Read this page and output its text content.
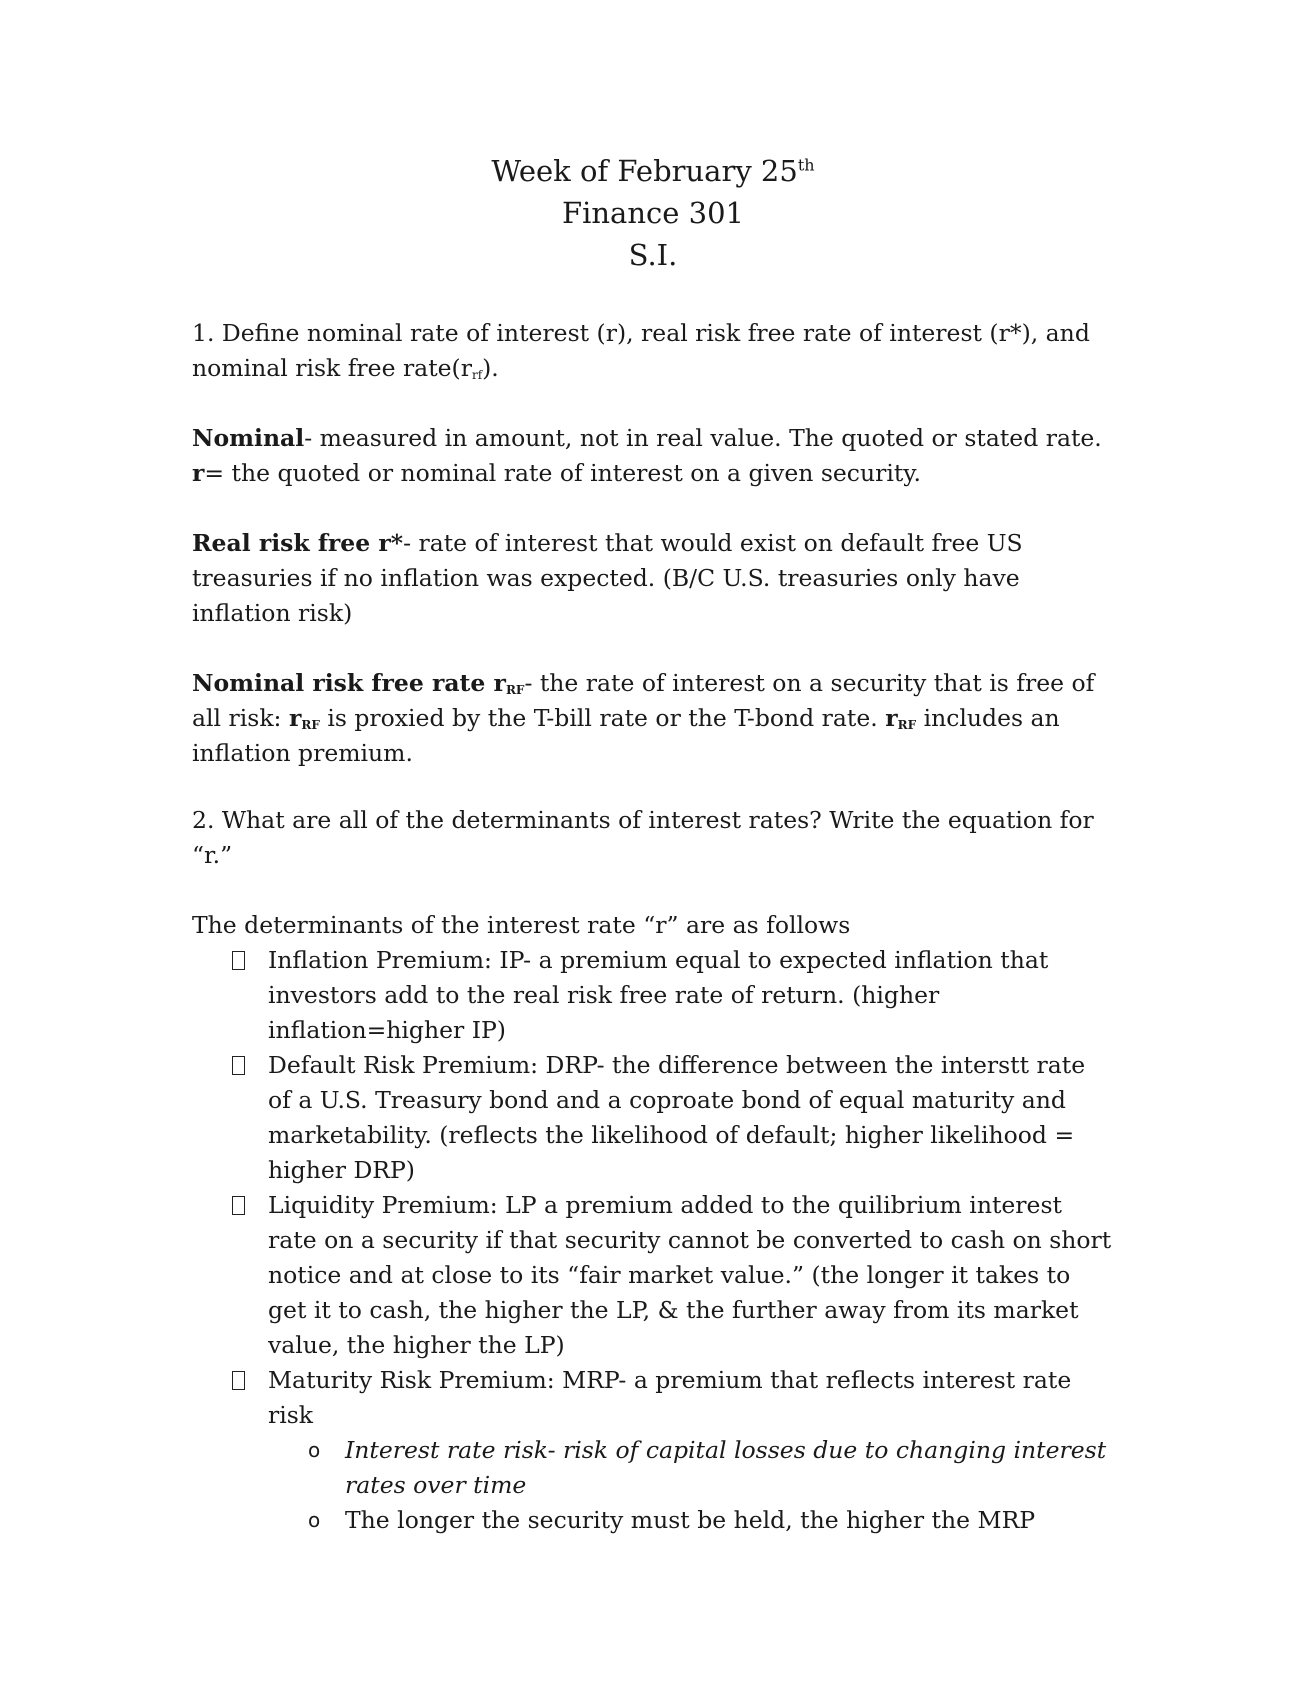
Week of February 25th
Finance 301
S.I.

1. Define nominal rate of interest (r), real risk free rate of interest (r*), and nominal risk free $rate(r_{rf})$.

Nominal- measured in amount, not in real value. The quoted or stated rate. r= the quoted or nominal rate of interest on a given security.

Real risk free r*- rate of interest that would exist on default free US treasuries if no inflation was expected. (B/C U.S. treasuries only have inflation risk)

Nominal risk free rate $r_{RF}-$ the rate of interest on a security that is free of all risk: $r_{RF}$ is proxied by the T-bill rate or the T-bond rate. $r_{RF}$ includes an inflation premium.

2. What are all of the determinants of interest rates? Write the equation for “r.”

The determinants of the interest rate “r” are as follows

Inflation Premium: IP- a premium equal to expected inflation that investors add to the real risk free rate of return. (higher inflation=higher IP)
Default Risk Premium: DRP- the difference between the interstt rate of a U.S. Treasury bond and a coproate bond of equal maturity and marketability. (reflects the likelihood of default; higher likelihood = higher DRP)
Liquidity Premium: LP a premium added to the quilibrium interest rate on a security if that security cannot be converted to cash on short notice and at close to its “fair market value.” (the longer it takes to get it to cash, the higher the LP, & the further away from its market value, the higher the LP)
Maturity Risk Premium: MRP- a premium that reflects interest rate risk
o Interest rate risk- risk of capital losses due to changing interest rates over time
o The longer the security must be held, the higher the MRP
